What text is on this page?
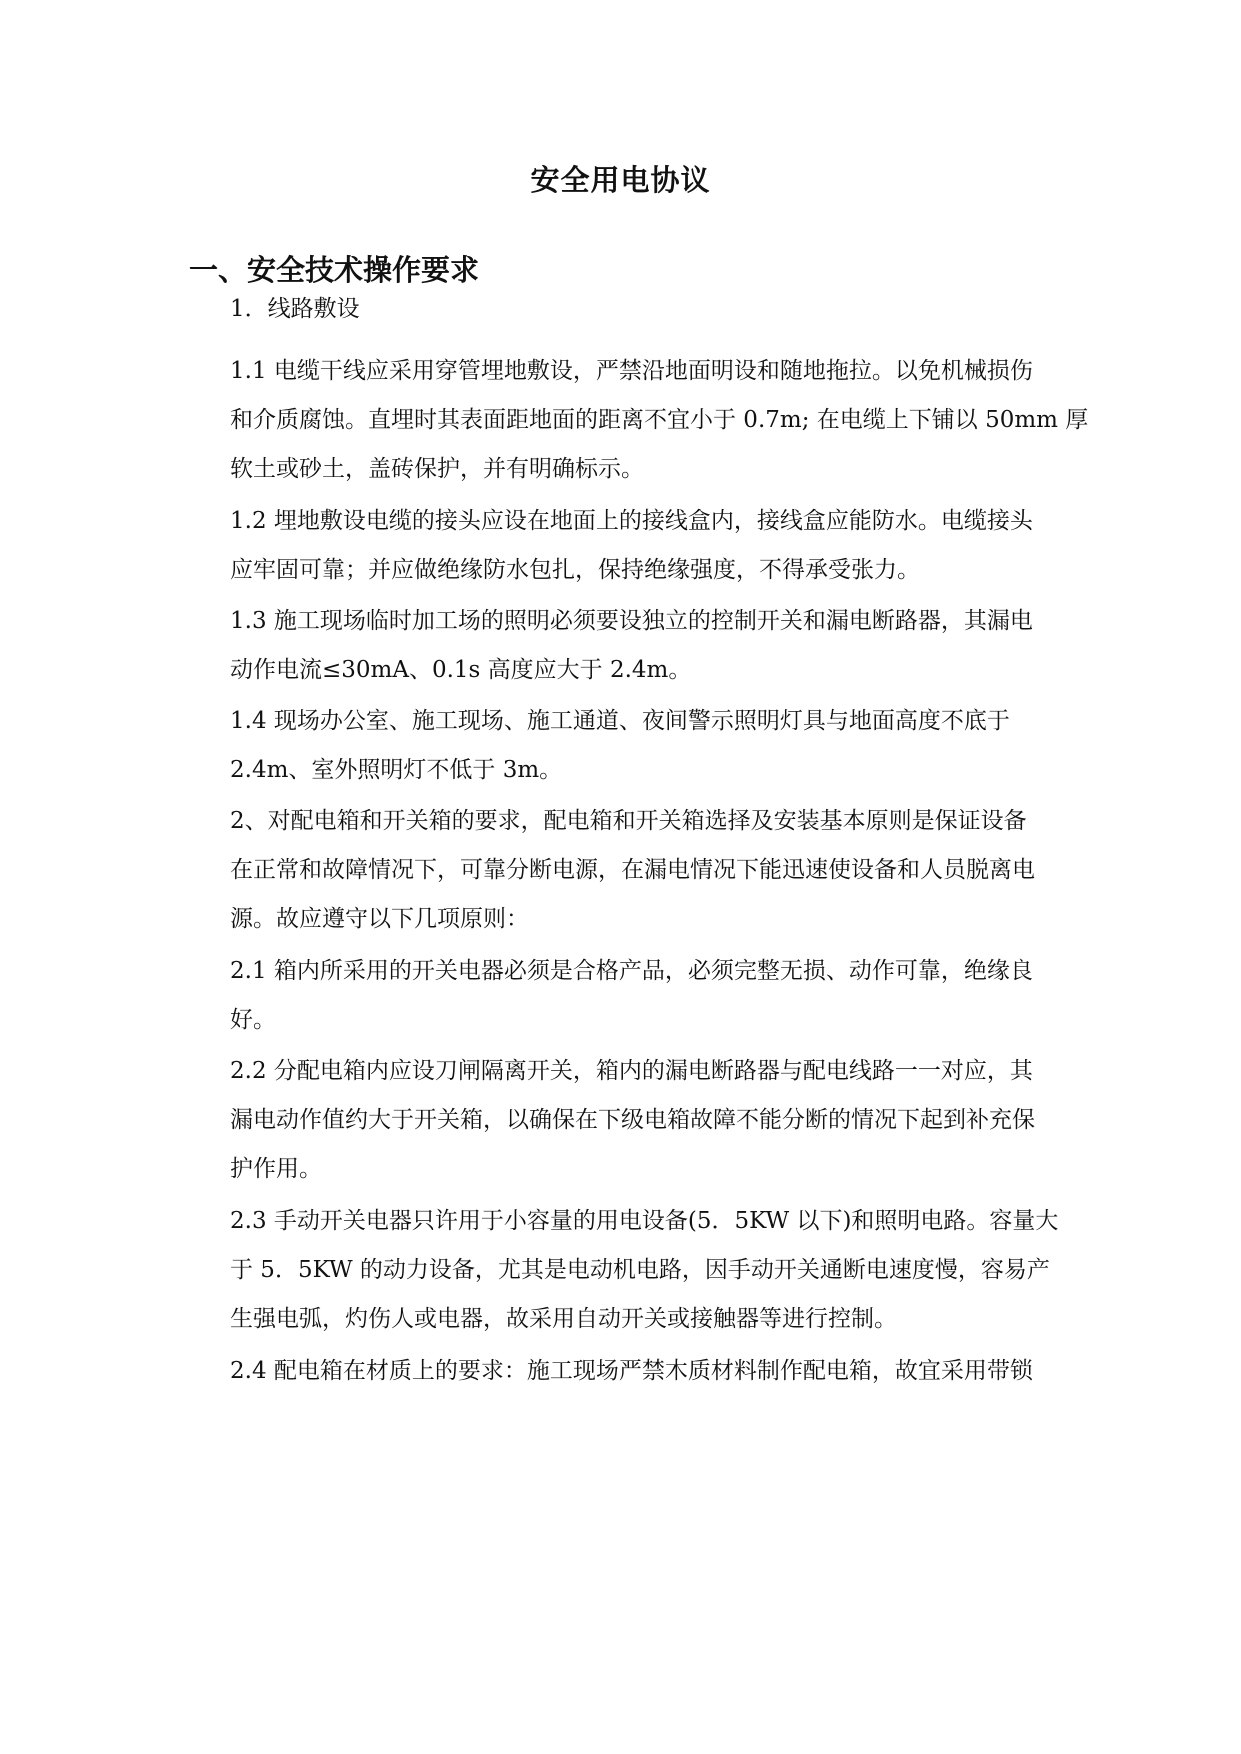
安全用电协议
一、安全技术操作要求

1．线路敷设

1.1 电缆干线应采用穿管埋地敷设，严禁沿地面明设和随地拖拉。以免机械损伤
和介质腐蚀。直埋时其表面距地面的距离不宜小于 0.7m; 在电缆上下铺以 50mm 厚
软土或砂土，盖砖保护，并有明确标示。

1.2 埋地敷设电缆的接头应设在地面上的接线盒内，接线盒应能防水。电缆接头
应牢固可靠；并应做绝缘防水包扎，保持绝缘强度，不得承受张力。

1.3 施工现场临时加工场的照明必须要设独立的控制开关和漏电断路器，其漏电
动作电流≤30mA、0.1s 高度应大于 2.4m。

1.4 现场办公室、施工现场、施工通道、夜间警示照明灯具与地面高度不底于
2.4m、室外照明灯不低于 3m。

2、对配电箱和开关箱的要求，配电箱和开关箱选择及安装基本原则是保证设备
在正常和故障情况下，可靠分断电源，在漏电情况下能迅速使设备和人员脱离电
源。故应遵守以下几项原则：

2.1 箱内所采用的开关电器必须是合格产品，必须完整无损、动作可靠，绝缘良
好。

2.2 分配电箱内应设刀闸隔离开关，箱内的漏电断路器与配电线路一一对应，其
漏电动作值约大于开关箱，以确保在下级电箱故障不能分断的情况下起到补充保
护作用。

2.3 手动开关电器只许用于小容量的用电设备(5．5KW 以下)和照明电路。容量大
于 5．5KW 的动力设备，尤其是电动机电路，因手动开关通断电速度慢，容易产
生强电弧，灼伤人或电器，故采用自动开关或接触器等进行控制。

2.4 配电箱在材质上的要求：施工现场严禁木质材料制作配电箱，故宜采用带锁
